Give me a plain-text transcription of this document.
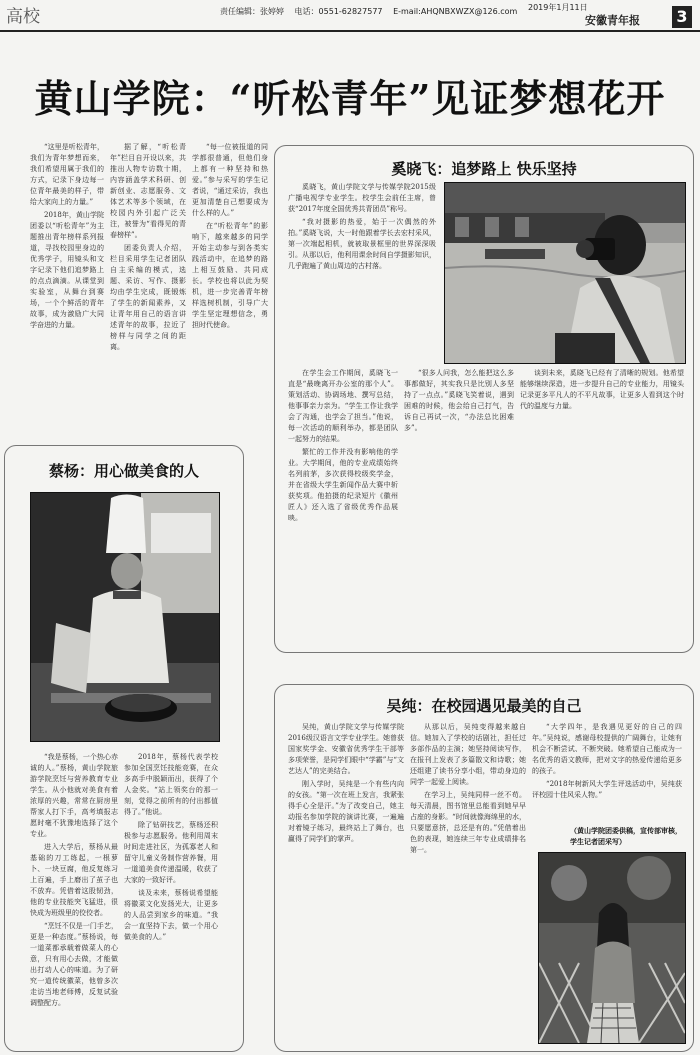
高校	责任编辑：张婷婷 电话：0551-62827577 E-mail:AHQNBXWZX@126.com	2019年1月11日
安徽青年报 3
黄山学院：“听松青年”见证梦想花开

“这里是听松青年，我们为青年梦想而来，我们希望用属于我们的方式，记录下身边每一位青年最美的样子，带给大家向上的力量。”

2018年，黄山学院团委以“听松青年”为主题推出青年榜样系列报道，寻找校园里身边的优秀学子，用镜头和文字记录下他们追梦路上的点点滴滴。从课堂到实验室，从舞台到赛场，一个个鲜活的青年故事，成为激励广大同学奋进的力量。

据了解，“听松青年”栏目自开设以来，共推出人物专访数十期，内容涵盖学术科研、创新创业、志愿服务、文体艺术等多个领域，在校园内外引起广泛关注，被誉为“看得见的青春榜样”。

团委负责人介绍，栏目采用学生记者团队自主采编的模式，选题、采访、写作、摄影均由学生完成，既锻炼了学生的新闻素养，又让青年用自己的语言讲述青年的故事，拉近了榜样与同学之间的距离。

“每一位被报道的同学都很普通，但他们身上都有一种坚持和热爱。”参与采写的学生记者说，“通过采访，我也更加清楚自己想要成为什么样的人。”

在“听松青年”的影响下，越来越多的同学开始主动参与到各类实践活动中，在追梦的路上相互鼓励、共同成长。学校也将以此为契机，进一步完善青年榜样选树机制，引导广大学生坚定理想信念，勇担时代使命。

奚晓飞：追梦路上 快乐坚持

奚晓飞，黄山学院文学与传媒学院2015级广播电视学专业学生。校学生会前任主席，曾获“2017年度全国优秀共青团员”称号。

“我对摄影的热爱，始于一次偶然的外拍。”奚晓飞说，大一时他跟着学长去宏村采风，第一次端起相机，就被取景框里的世界深深吸引。从那以后，他利用课余时间自学摄影知识，几乎跑遍了黄山周边的古村落。

在学生会工作期间，奚晓飞一直是“最晚离开办公室的那个人”。策划活动、协调场地、撰写总结，他事事亲力亲为。“学生工作让我学会了沟通，也学会了担当。”他说，每一次活动的顺利举办，都是团队一起努力的结果。

繁忙的工作并没有影响他的学业。大学期间，他的专业成绩始终名列前茅，多次获得校级奖学金，并在省级大学生新闻作品大赛中斩获奖项。他拍摄的纪录短片《徽州匠人》还入选了省级优秀作品展映。

“很多人问我，怎么能把这么多事都做好，其实我只是比别人多坚持了一点点。”奚晓飞笑着说，遇到困难的时候，他会给自己打气，告诉自己再试一次，“办法总比困难多”。

谈到未来，奚晓飞已经有了清晰的规划。他希望能够继续深造，进一步提升自己的专业能力，用镜头记录更多平凡人的不平凡故事，让更多人看到这个时代的温度与力量。

蔡杨：用心做美食的人

“我是蔡杨，一个热心赤诚的人。”蔡杨，黄山学院旅游学院烹饪与营养教育专业学生。从小他就对美食有着浓厚的兴趣，常常在厨房里帮家人打下手，高考填报志愿时毫不犹豫地选择了这个专业。

进入大学后，蔡杨从最基础的刀工练起，一根萝卜、一块豆腐，他反复练习上百遍，手上磨出了茧子也不放弃。凭借着这股韧劲，他的专业技能突飞猛进，很快成为班级里的佼佼者。

“烹饪不仅是一门手艺，更是一种态度。”蔡杨说，每一道菜都承载着做菜人的心意，只有用心去做，才能做出打动人心的味道。为了研究一道传统徽菜，他曾多次走访当地老师傅，反复试验调整配方。

2018年，蔡杨代表学校参加全国烹饪技能竞赛，在众多高手中脱颖而出，获得了个人金奖。“站上领奖台的那一刻，觉得之前所有的付出都值得了。”他说。

除了钻研技艺，蔡杨还积极参与志愿服务。他利用周末时间走进社区，为孤寡老人和留守儿童义务制作营养餐，用一道道美食传递温暖，收获了大家的一致好评。

谈及未来，蔡杨说希望能将徽菜文化发扬光大，让更多的人品尝到家乡的味道。“我会一直坚持下去，做一个用心做美食的人。”

吴纯：在校园遇见最美的自己

吴纯，黄山学院文学与传媒学院2016级汉语言文学专业学生。她曾获国家奖学金、安徽省优秀学生干部等多项荣誉，是同学们眼中“学霸”与“文艺达人”的完美结合。

刚入学时，吴纯是一个有些内向的女孩。“第一次在班上发言，我紧张得手心全是汗。”为了改变自己，她主动报名参加学院的演讲比赛，一遍遍对着镜子练习，最终站上了舞台，也赢得了同学们的掌声。

从那以后，吴纯变得越来越自信。她加入了学校的话剧社，担任过多部作品的主演；她坚持阅读写作，在报刊上发表了多篇散文和诗歌；她还组建了读书分享小组，带动身边的同学一起爱上阅读。

在学习上，吴纯同样一丝不苟。每天清晨，图书馆里总能看到她早早占座的身影。“时间就像海绵里的水，只要愿意挤，总还是有的。”凭借着出色的表现，她连续三年专业成绩排名第一。

“大学四年，是我遇见更好的自己的四年。”吴纯说，感谢母校提供的广阔舞台，让她有机会不断尝试、不断突破。她希望自己能成为一名优秀的语文教师，把对文字的热爱传递给更多的孩子。

“2018年树新风大学生评选活动中，吴纯获评校园十佳风采人物。”

（黄山学院团委供稿，宣传部审核，学生记者团采写）
